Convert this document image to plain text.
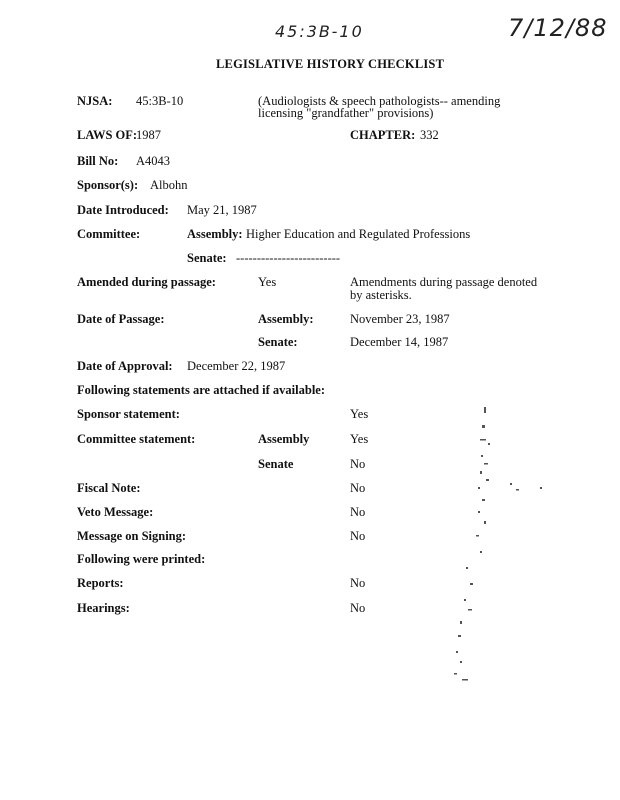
45:3B-10	7/12/88
LEGISLATIVE HISTORY CHECKLIST
NJSA: 45:3B-10	(Audiologists & speech pathologists-- amending
licensing "grandfather" provisions)
LAWS OF:
1987	CHAPTER: 332
Bill No: A4043
Sponsor(s): Albohn
Date Introduced: May 21, 1987
Committee:	Assembly: Higher Education and Regulated Professions
Senate: -------------------------
Amended during passage:	Yes	Amendments during passage denoted
by asterisks.
Date of Passage:	Assembly:	November 23, 1987
Senate:	December 14, 1987
Date of Approval: December 22, 1987
Following statements are attached if available:
Sponsor statement:	Yes
Committee statement:	Assembly	Yes
Senate	No
Fiscal Note:	No
Veto Message:	No
Message on Signing:	No
Following were printed:
Reports:	No
Hearings:	No
